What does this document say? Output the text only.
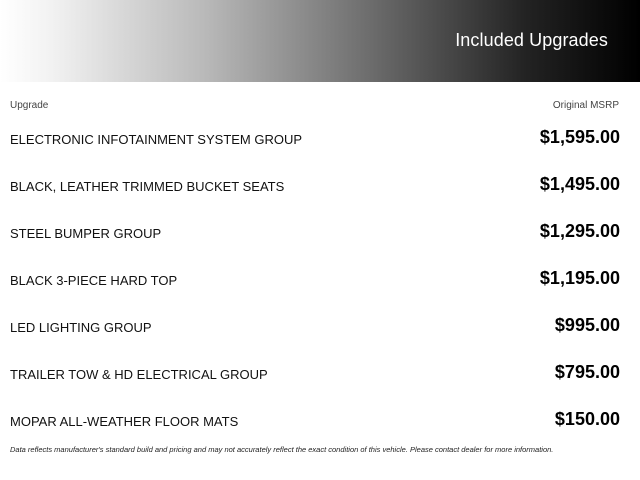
Included Upgrades
Upgrade	Original MSRP
ELECTRONIC INFOTAINMENT SYSTEM GROUP	$1,595.00
BLACK, LEATHER TRIMMED BUCKET SEATS	$1,495.00
STEEL BUMPER GROUP	$1,295.00
BLACK 3-PIECE HARD TOP	$1,195.00
LED LIGHTING GROUP	$995.00
TRAILER TOW & HD ELECTRICAL GROUP	$795.00
MOPAR ALL-WEATHER FLOOR MATS	$150.00
Data reflects manufacturer's standard build and pricing and may not accurately reflect the exact condition of this vehicle. Please contact dealer for more information.
